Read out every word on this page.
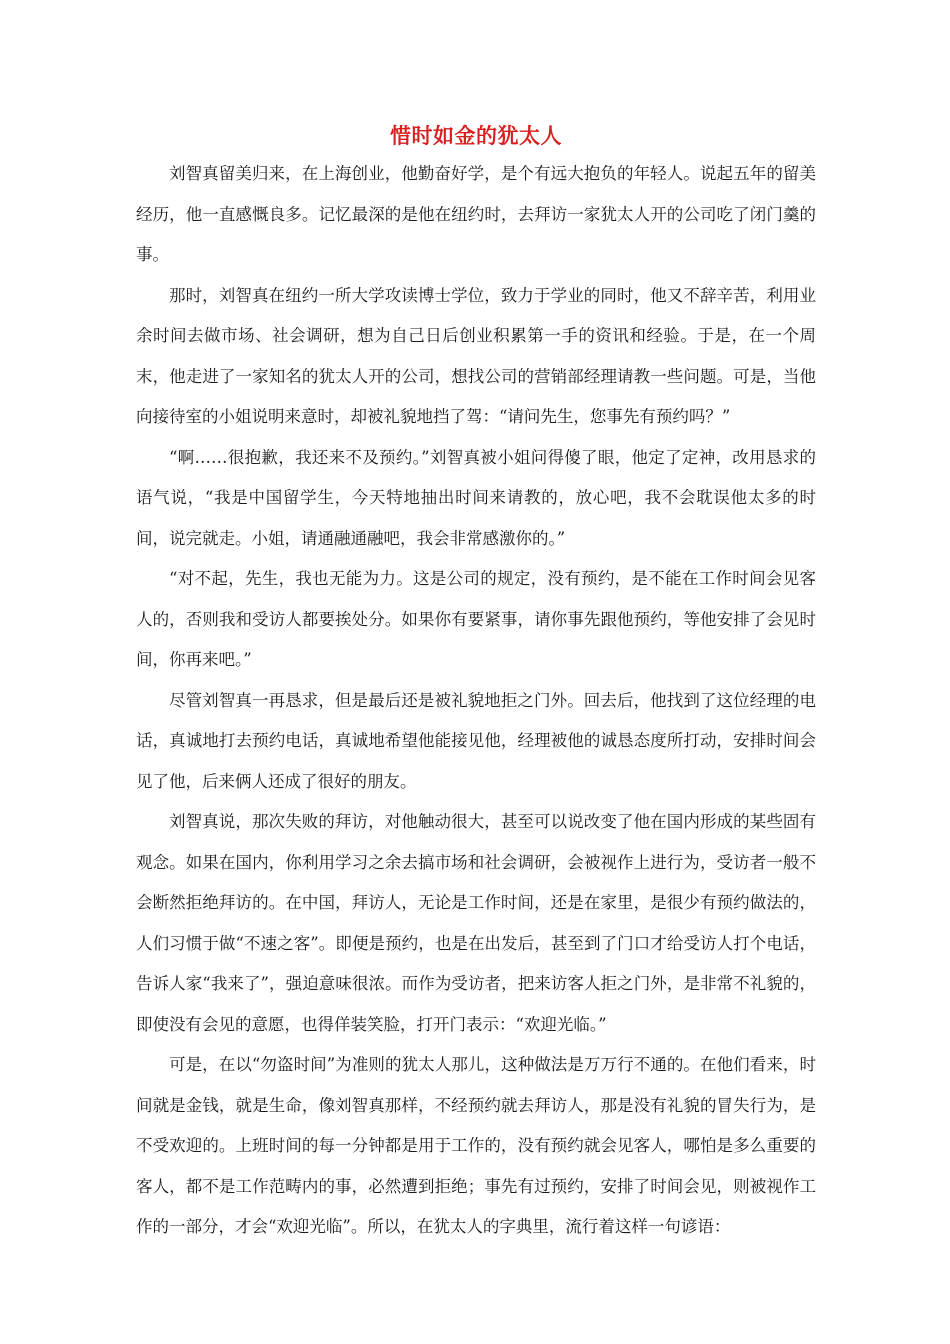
惜时如金的犹太人

刘智真留美归来，在上海创业，他勤奋好学，是个有远大抱负的年轻人。说起五年的留美经历，他一直感慨良多。记忆最深的是他在纽约时，去拜访一家犹太人开的公司吃了闭门羹的事。

那时，刘智真在纽约一所大学攻读博士学位，致力于学业的同时，他又不辞辛苦，利用业余时间去做市场、社会调研，想为自己日后创业积累第一手的资讯和经验。于是，在一个周末，他走进了一家知名的犹太人开的公司，想找公司的营销部经理请教一些问题。可是，当他向接待室的小姐说明来意时，却被礼貌地挡了驾：“请问先生，您事先有预约吗？”

“啊……很抱歉，我还来不及预约。”刘智真被小姐问得傻了眼，他定了定神，改用恳求的语气说，“我是中国留学生，今天特地抽出时间来请教的，放心吧，我不会耽误他太多的时间，说完就走。小姐，请通融通融吧，我会非常感激你的。”

“对不起，先生，我也无能为力。这是公司的规定，没有预约，是不能在工作时间会见客人的，否则我和受访人都要挨处分。如果你有要紧事，请你事先跟他预约，等他安排了会见时间，你再来吧。”

尽管刘智真一再恳求，但是最后还是被礼貌地拒之门外。回去后，他找到了这位经理的电话，真诚地打去预约电话，真诚地希望他能接见他，经理被他的诚恳态度所打动，安排时间会见了他，后来俩人还成了很好的朋友。

刘智真说，那次失败的拜访，对他触动很大，甚至可以说改变了他在国内形成的某些固有观念。如果在国内，你利用学习之余去搞市场和社会调研，会被视作上进行为，受访者一般不会断然拒绝拜访的。在中国，拜访人，无论是工作时间，还是在家里，是很少有预约做法的，人们习惯于做“不速之客”。即便是预约，也是在出发后，甚至到了门口才给受访人打个电话，告诉人家“我来了”，强迫意味很浓。而作为受访者，把来访客人拒之门外，是非常不礼貌的，即使没有会见的意愿，也得佯装笑脸，打开门表示：“欢迎光临。”

可是，在以“勿盗时间”为准则的犹太人那儿，这种做法是万万行不通的。在他们看来，时间就是金钱，就是生命，像刘智真那样，不经预约就去拜访人，那是没有礼貌的冒失行为，是不受欢迎的。上班时间的每一分钟都是用于工作的，没有预约就会见客人，哪怕是多么重要的客人，都不是工作范畴内的事，必然遭到拒绝；事先有过预约，安排了时间会见，则被视作工作的一部分，才会“欢迎光临”。所以，在犹太人的字典里，流行着这样一句谚语：
